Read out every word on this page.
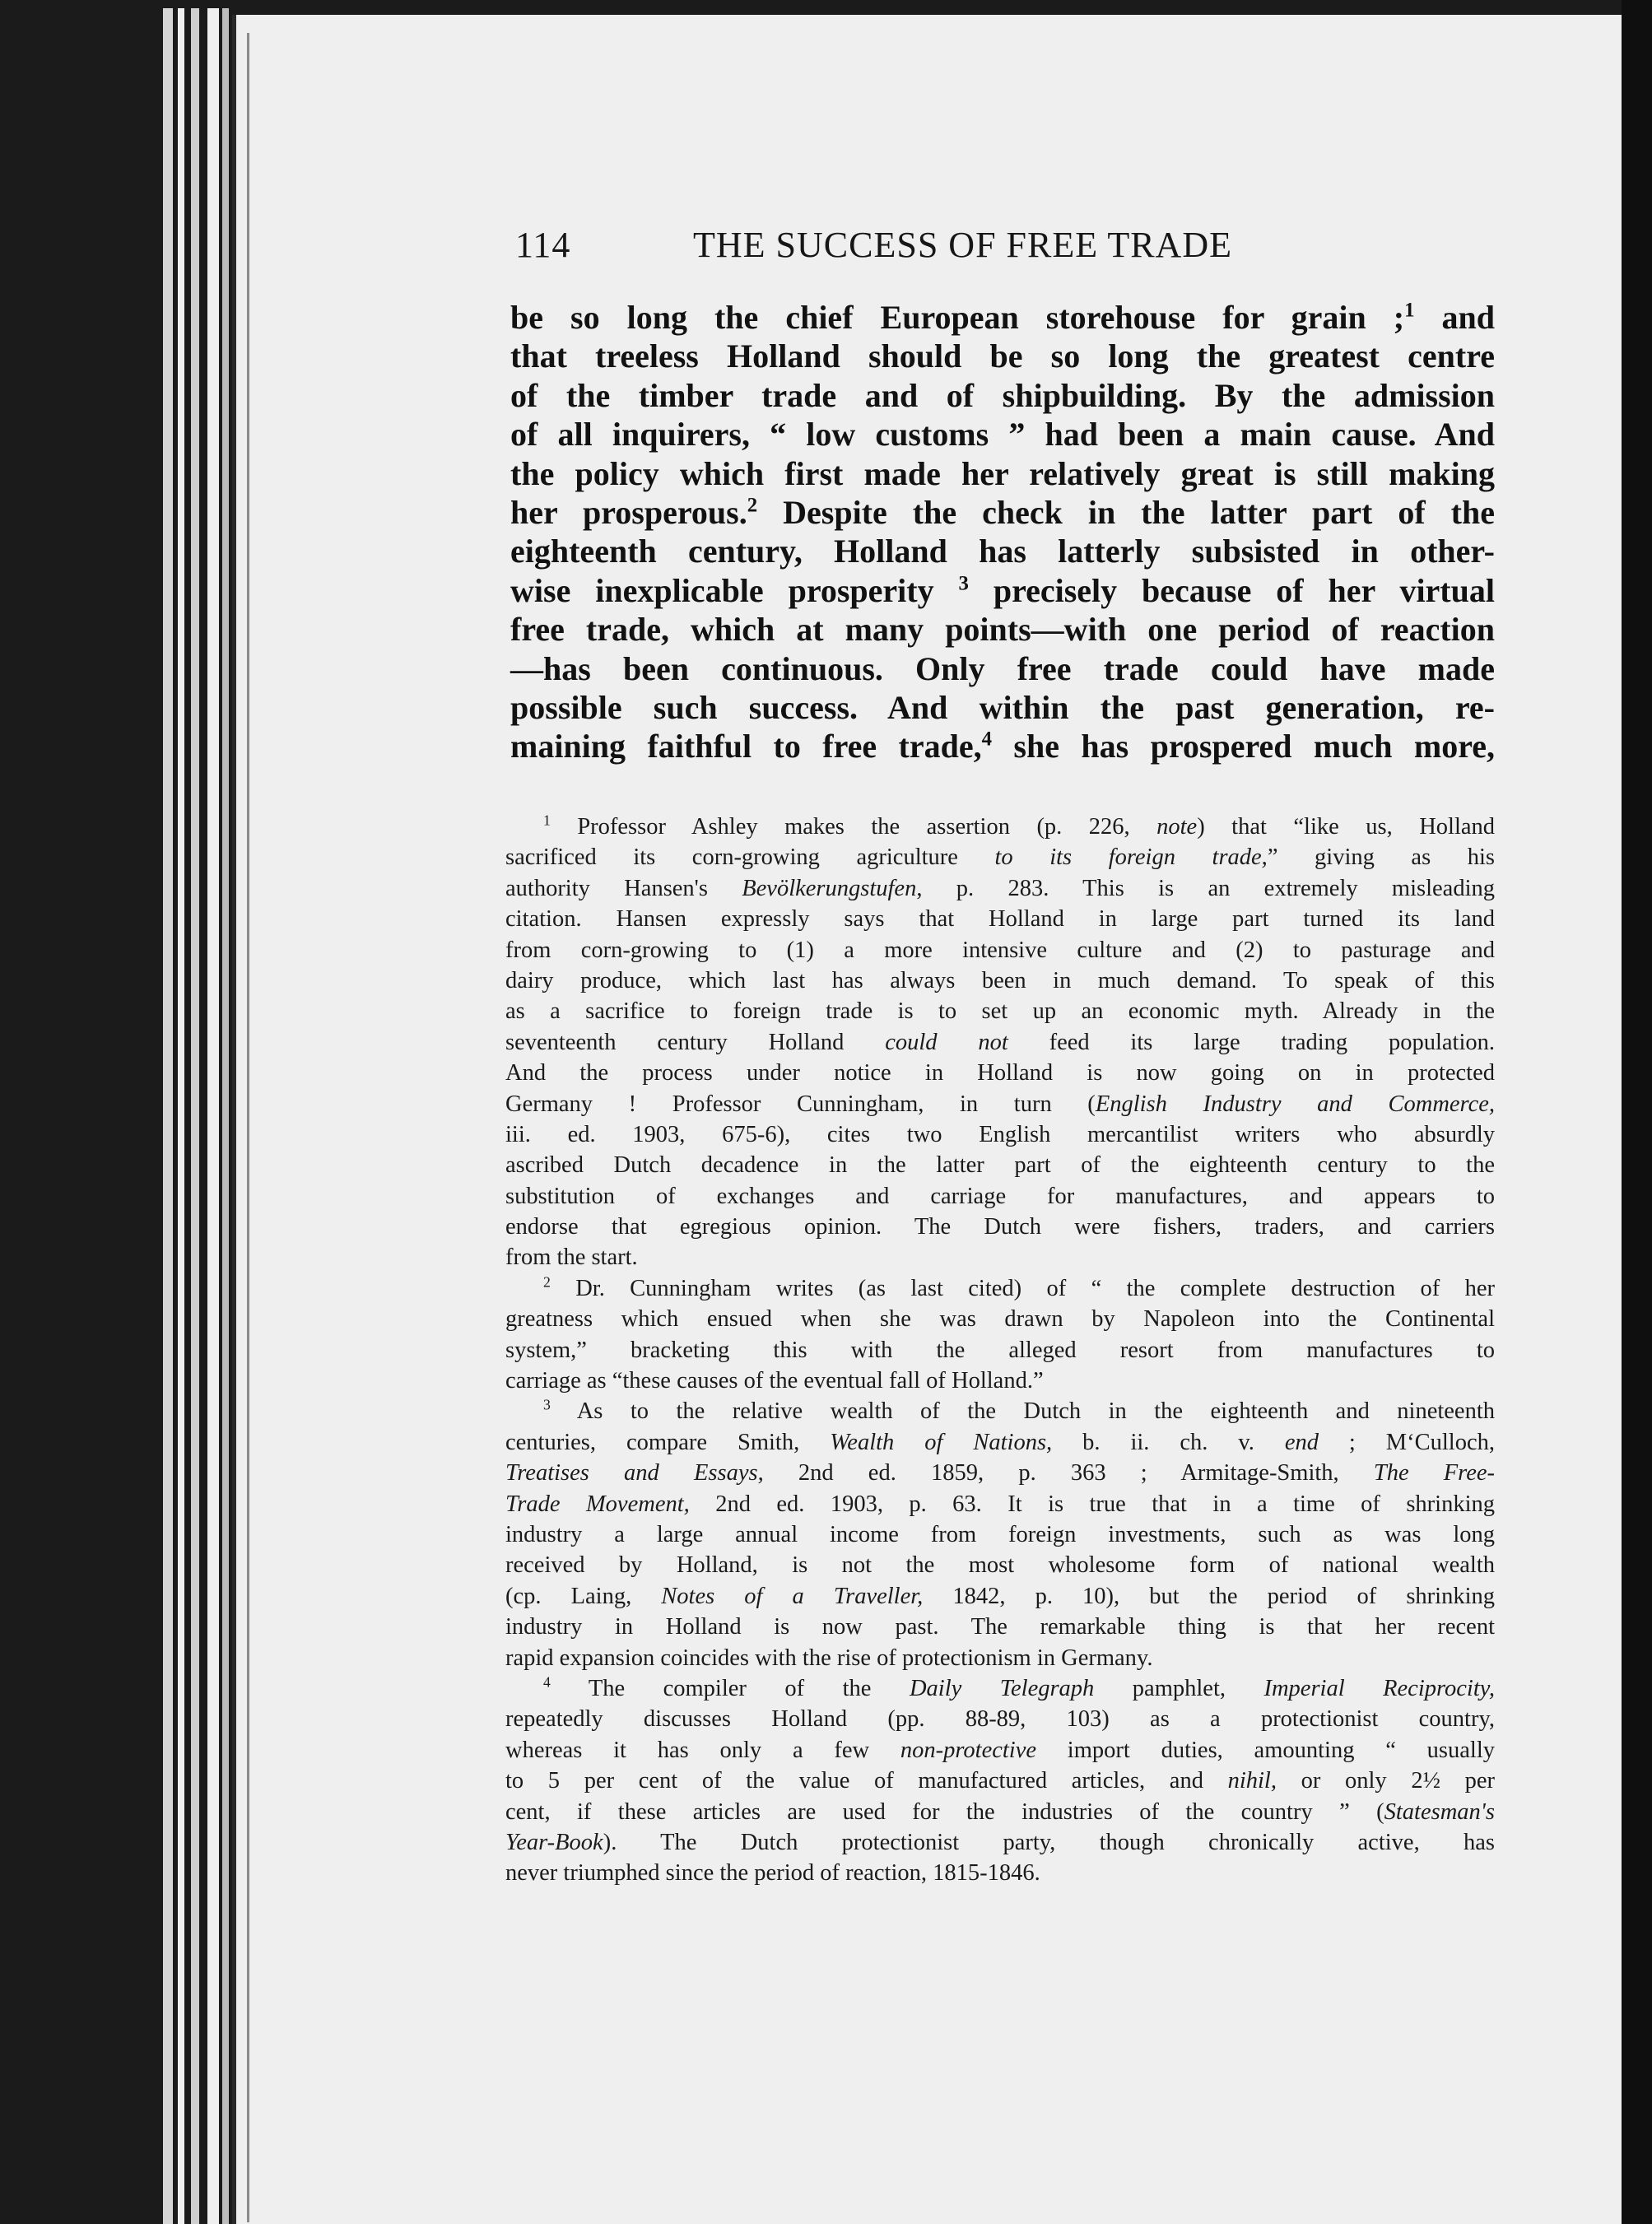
114	THE SUCCESS OF FREE TRADE
be so long the chief European storehouse for grain ;$^1$ and
that treeless Holland should be so long the greatest centre
of the timber trade and of shipbuilding. By the admission
of all inquirers, “ low customs ” had been a main cause. And
the policy which first made her relatively great is still making
her prosperous.$^2$ Despite the check in the latter part of the
eighteenth century, Holland has latterly subsisted in other-
wise inexplicable prosperity $^3$ precisely because of her virtual
free trade, which at many points—with one period of reaction
—has been continuous. Only free trade could have made
possible such success. And within the past generation, re-
maining faithful to free trade,$^4$ she has prospered much more,
$^1$ Professor Ashley makes the assertion (p. 226, note) that “like us, Holland
sacrificed its corn-growing agriculture to its foreign trade,” giving as his
authority Hansen's Bevölkerungstufen, p. 283. This is an extremely misleading
citation. Hansen expressly says that Holland in large part turned its land
from corn-growing to (1) a more intensive culture and (2) to pasturage and
dairy produce, which last has always been in much demand. To speak of this
as a sacrifice to foreign trade is to set up an economic myth. Already in the
seventeenth century Holland could not feed its large trading population.
And the process under notice in Holland is now going on in protected
Germany ! Professor Cunningham, in turn (English Industry and Commerce,
iii. ed. 1903, 675-6), cites two English mercantilist writers who absurdly
ascribed Dutch decadence in the latter part of the eighteenth century to the
substitution of exchanges and carriage for manufactures, and appears to
endorse that egregious opinion. The Dutch were fishers, traders, and carriers
from the start.
$^2$ Dr. Cunningham writes (as last cited) of “ the complete destruction of her
greatness which ensued when she was drawn by Napoleon into the Continental
system,” bracketing this with the alleged resort from manufactures to
carriage as “these causes of the eventual fall of Holland.”
$^3$ As to the relative wealth of the Dutch in the eighteenth and nineteenth
centuries, compare Smith, Wealth of Nations, b. ii. ch. v. end ; M‘Culloch,
Treatises and Essays, 2nd ed. 1859, p. 363 ; Armitage-Smith, The Free-
Trade Movement, 2nd ed. 1903, p. 63. It is true that in a time of shrinking
industry a large annual income from foreign investments, such as was long
received by Holland, is not the most wholesome form of national wealth
(cp. Laing, Notes of a Traveller, 1842, p. 10), but the period of shrinking
industry in Holland is now past. The remarkable thing is that her recent
rapid expansion coincides with the rise of protectionism in Germany.
$^4$ The compiler of the Daily Telegraph pamphlet, Imperial Reciprocity,
repeatedly discusses Holland (pp. 88-89, 103) as a protectionist country,
whereas it has only a few non-protective import duties, amounting “ usually
to 5 per cent of the value of manufactured articles, and nihil, or only 2½ per
cent, if these articles are used for the industries of the country ” (Statesman's
Year-Book). The Dutch protectionist party, though chronically active, has
never triumphed since the period of reaction, 1815-1846.
